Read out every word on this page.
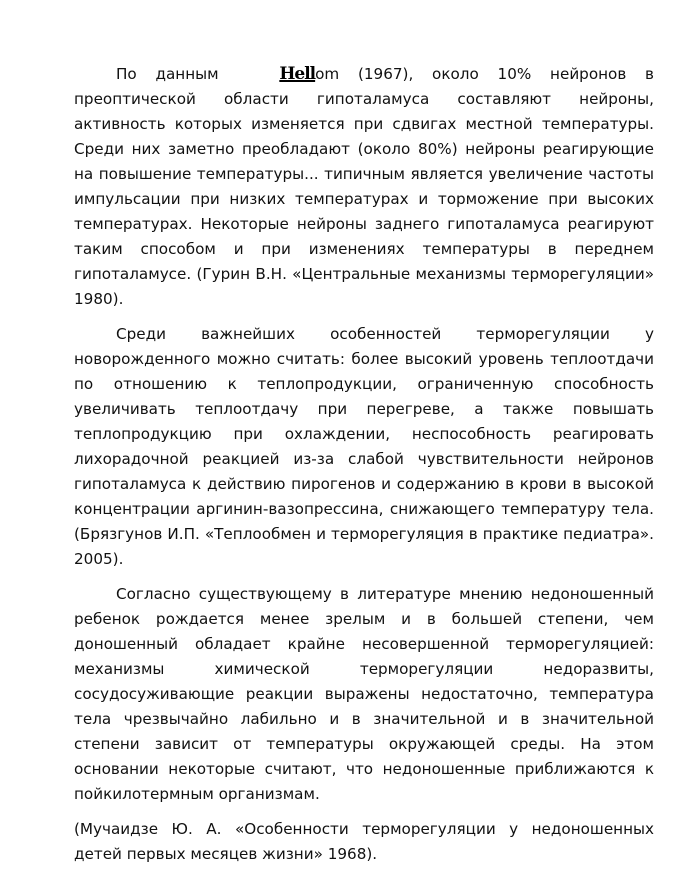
По данным Hellom (1967), около 10% нейронов в преоптической области гипоталамуса составляют нейроны, активность которых изменяется при сдвигах местной температуры. Среди них заметно преобладают (около 80%) нейроны реагирующие на повышение температуры... типичным является увеличение частоты импульсации при низких температурах и торможение при высоких температурах. Некоторые нейроны заднего гипоталамуса реагируют таким способом и при изменениях температуры в переднем гипоталамусе. (Гурин В.Н. «Центральные механизмы терморегуляции» 1980).

Среди важнейших особенностей терморегуляции у новорожденного можно считать: более высокий уровень теплоотдачи по отношению к теплопродукции, ограниченную способность увеличивать теплоотдачу при перегреве, а также повышать теплопродукцию при охлаждении, неспособность реагировать лихорадочной реакцией из-за слабой чувствительности нейронов гипоталамуса к действию пирогенов и содержанию в крови в высокой концентрации аргинин-вазопрессина, снижающего температуру тела. (Брязгунов И.П. «Теплообмен и терморегуляция в практике педиатра». 2005).

Согласно существующему в литературе мнению недоношенный ребенок рождается менее зрелым и в большей степени, чем доношенный обладает крайне несовершенной терморегуляцией: механизмы химической терморегуляции недоразвиты, сосудосуживающие реакции выражены недостаточно, температура тела чрезвычайно лабильно и в значительной и в значительной степени зависит от температуры окружающей среды. На этом основании некоторые считают, что недоношенные приближаются к пойкилотермным организмам.

(Мучаидзе Ю. А. «Особенности терморегуляции у недоношенных детей первых месяцев жизни» 1968).
